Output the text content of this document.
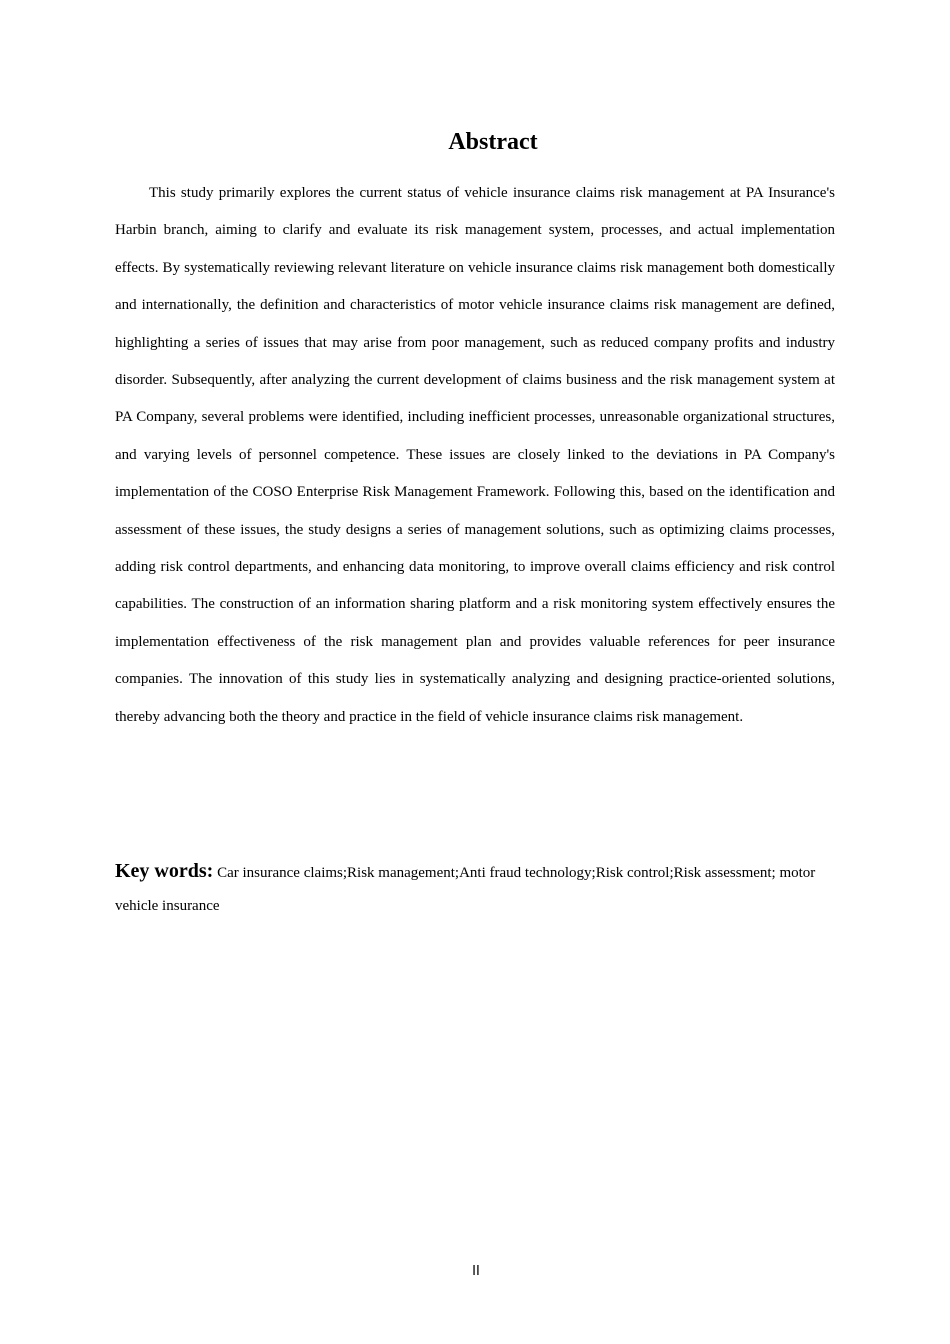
Abstract

This study primarily explores the current status of vehicle insurance claims risk management at PA Insurance's Harbin branch, aiming to clarify and evaluate its risk management system, processes, and actual implementation effects. By systematically reviewing relevant literature on vehicle insurance claims risk management both domestically and internationally, the definition and characteristics of motor vehicle insurance claims risk management are defined, highlighting a series of issues that may arise from poor management, such as reduced company profits and industry disorder. Subsequently, after analyzing the current development of claims business and the risk management system at PA Company, several problems were identified, including inefficient processes, unreasonable organizational structures, and varying levels of personnel competence. These issues are closely linked to the deviations in PA Company's implementation of the COSO Enterprise Risk Management Framework. Following this, based on the identification and assessment of these issues, the study designs a series of management solutions, such as optimizing claims processes, adding risk control departments, and enhancing data monitoring, to improve overall claims efficiency and risk control capabilities. The construction of an information sharing platform and a risk monitoring system effectively ensures the implementation effectiveness of the risk management plan and provides valuable references for peer insurance companies. The innovation of this study lies in systematically analyzing and designing practice-oriented solutions, thereby advancing both the theory and practice in the field of vehicle insurance claims risk management.

Key words: Car insurance claims;Risk management;Anti fraud technology;Risk control;Risk assessment; motor vehicle insurance

II
